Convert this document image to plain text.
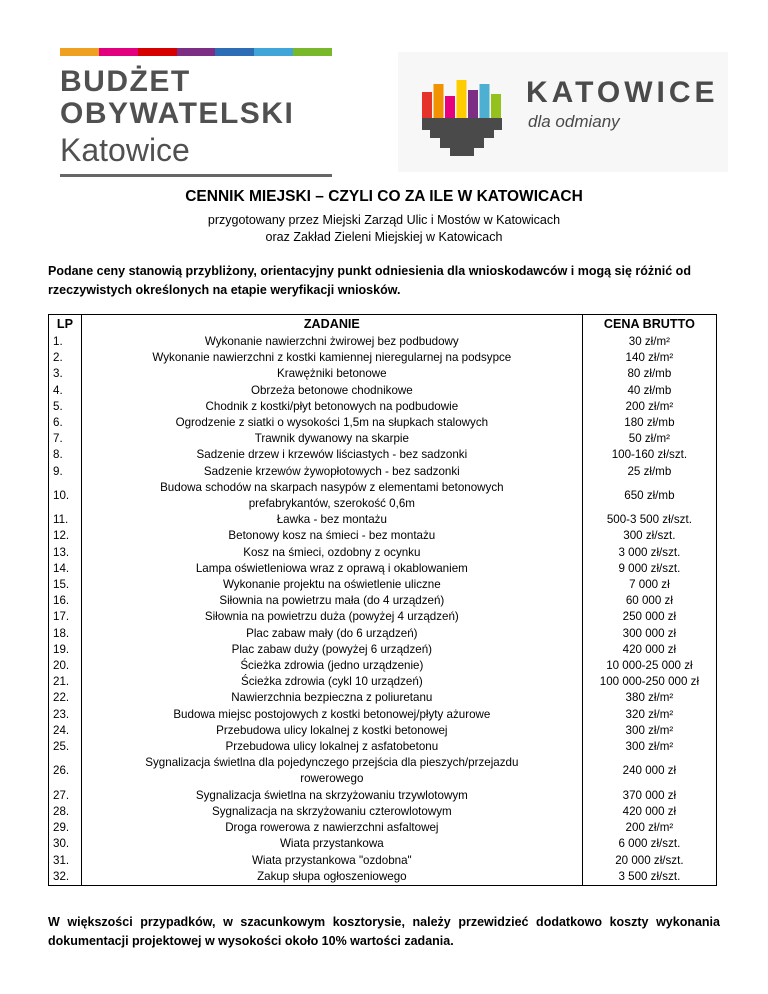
BUDŻET
OBYWATELSKI
Katowice
KATOWICE
dla odmiany
CENNIK MIEJSKI – CZYLI CO ZA ILE W KATOWICACH
przygotowany przez Miejski Zarząd Ulic i Mostów w Katowicach
oraz Zakład Zieleni Miejskiej w Katowicach
Podane ceny stanowią przybliżony, orientacyjny punkt odniesienia dla wnioskodawców i mogą się różnić od rzeczywistych określonych na etapie weryfikacji wniosków.
LP	ZADANIE	CENA BRUTTO
1.	Wykonanie nawierzchni żwirowej bez podbudowy	30 zł/m²
2.	Wykonanie nawierzchni z kostki kamiennej nieregularnej na podsypce	140 zł/m²
3.	Krawężniki betonowe	80 zł/mb
4.	Obrzeża betonowe chodnikowe	40 zł/mb
5.	Chodnik z kostki/płyt betonowych na podbudowie	200 zł/m²
6.	Ogrodzenie z siatki o wysokości 1,5m na słupkach stalowych	180 zł/mb
7.	Trawnik dywanowy na skarpie	50 zł/m²
8.	Sadzenie drzew i krzewów liściastych - bez sadzonki	100-160 zł/szt.
9.	Sadzenie krzewów żywopłotowych - bez sadzonki	25 zł/mb
10.	Budowa schodów na skarpach nasypów z elementami betonowych
prefabrykantów, szerokość 0,6m	650 zł/mb
11.	Ławka - bez montażu	500-3 500 zł/szt.
12.	Betonowy kosz na śmieci - bez montażu	300 zł/szt.
13.	Kosz na śmieci, ozdobny z ocynku	3 000 zł/szt.
14.	Lampa oświetleniowa wraz z oprawą i okablowaniem	9 000 zł/szt.
15.	Wykonanie projektu na oświetlenie uliczne	7 000 zł
16.	Siłownia na powietrzu mała (do 4 urządzeń)	60 000 zł
17.	Siłownia na powietrzu duża (powyżej 4 urządzeń)	250 000 zł
18.	Plac zabaw mały (do 6 urządzeń)	300 000 zł
19.	Plac zabaw duży (powyżej 6 urządzeń)	420 000 zł
20.	Ścieżka zdrowia (jedno urządzenie)	10 000-25 000 zł
21.	Ścieżka zdrowia (cykl 10 urządzeń)	100 000-250 000 zł
22.	Nawierzchnia bezpieczna z poliuretanu	380 zł/m²
23.	Budowa miejsc postojowych z kostki betonowej/płyty ażurowe	320 zł/m²
24.	Przebudowa ulicy lokalnej z kostki betonowej	300 zł/m²
25.	Przebudowa ulicy lokalnej z asfatobetonu	300 zł/m²
26.	Sygnalizacja świetlna dla pojedynczego przejścia dla pieszych/przejazdu
rowerowego	240 000 zł
27.	Sygnalizacja świetlna na skrzyżowaniu trzywlotowym	370 000 zł
28.	Sygnalizacja na skrzyżowaniu czterowlotowym	420 000 zł
29.	Droga rowerowa z nawierzchni asfaltowej	200 zł/m²
30.	Wiata przystankowa	6 000 zł/szt.
31.	Wiata przystankowa "ozdobna"	20 000 zł/szt.
32.	Zakup słupa ogłoszeniowego	3 500 zł/szt.
W większości przypadków, w szacunkowym kosztorysie, należy przewidzieć dodatkowo koszty wykonania dokumentacji projektowej w wysokości około 10% wartości zadania.
